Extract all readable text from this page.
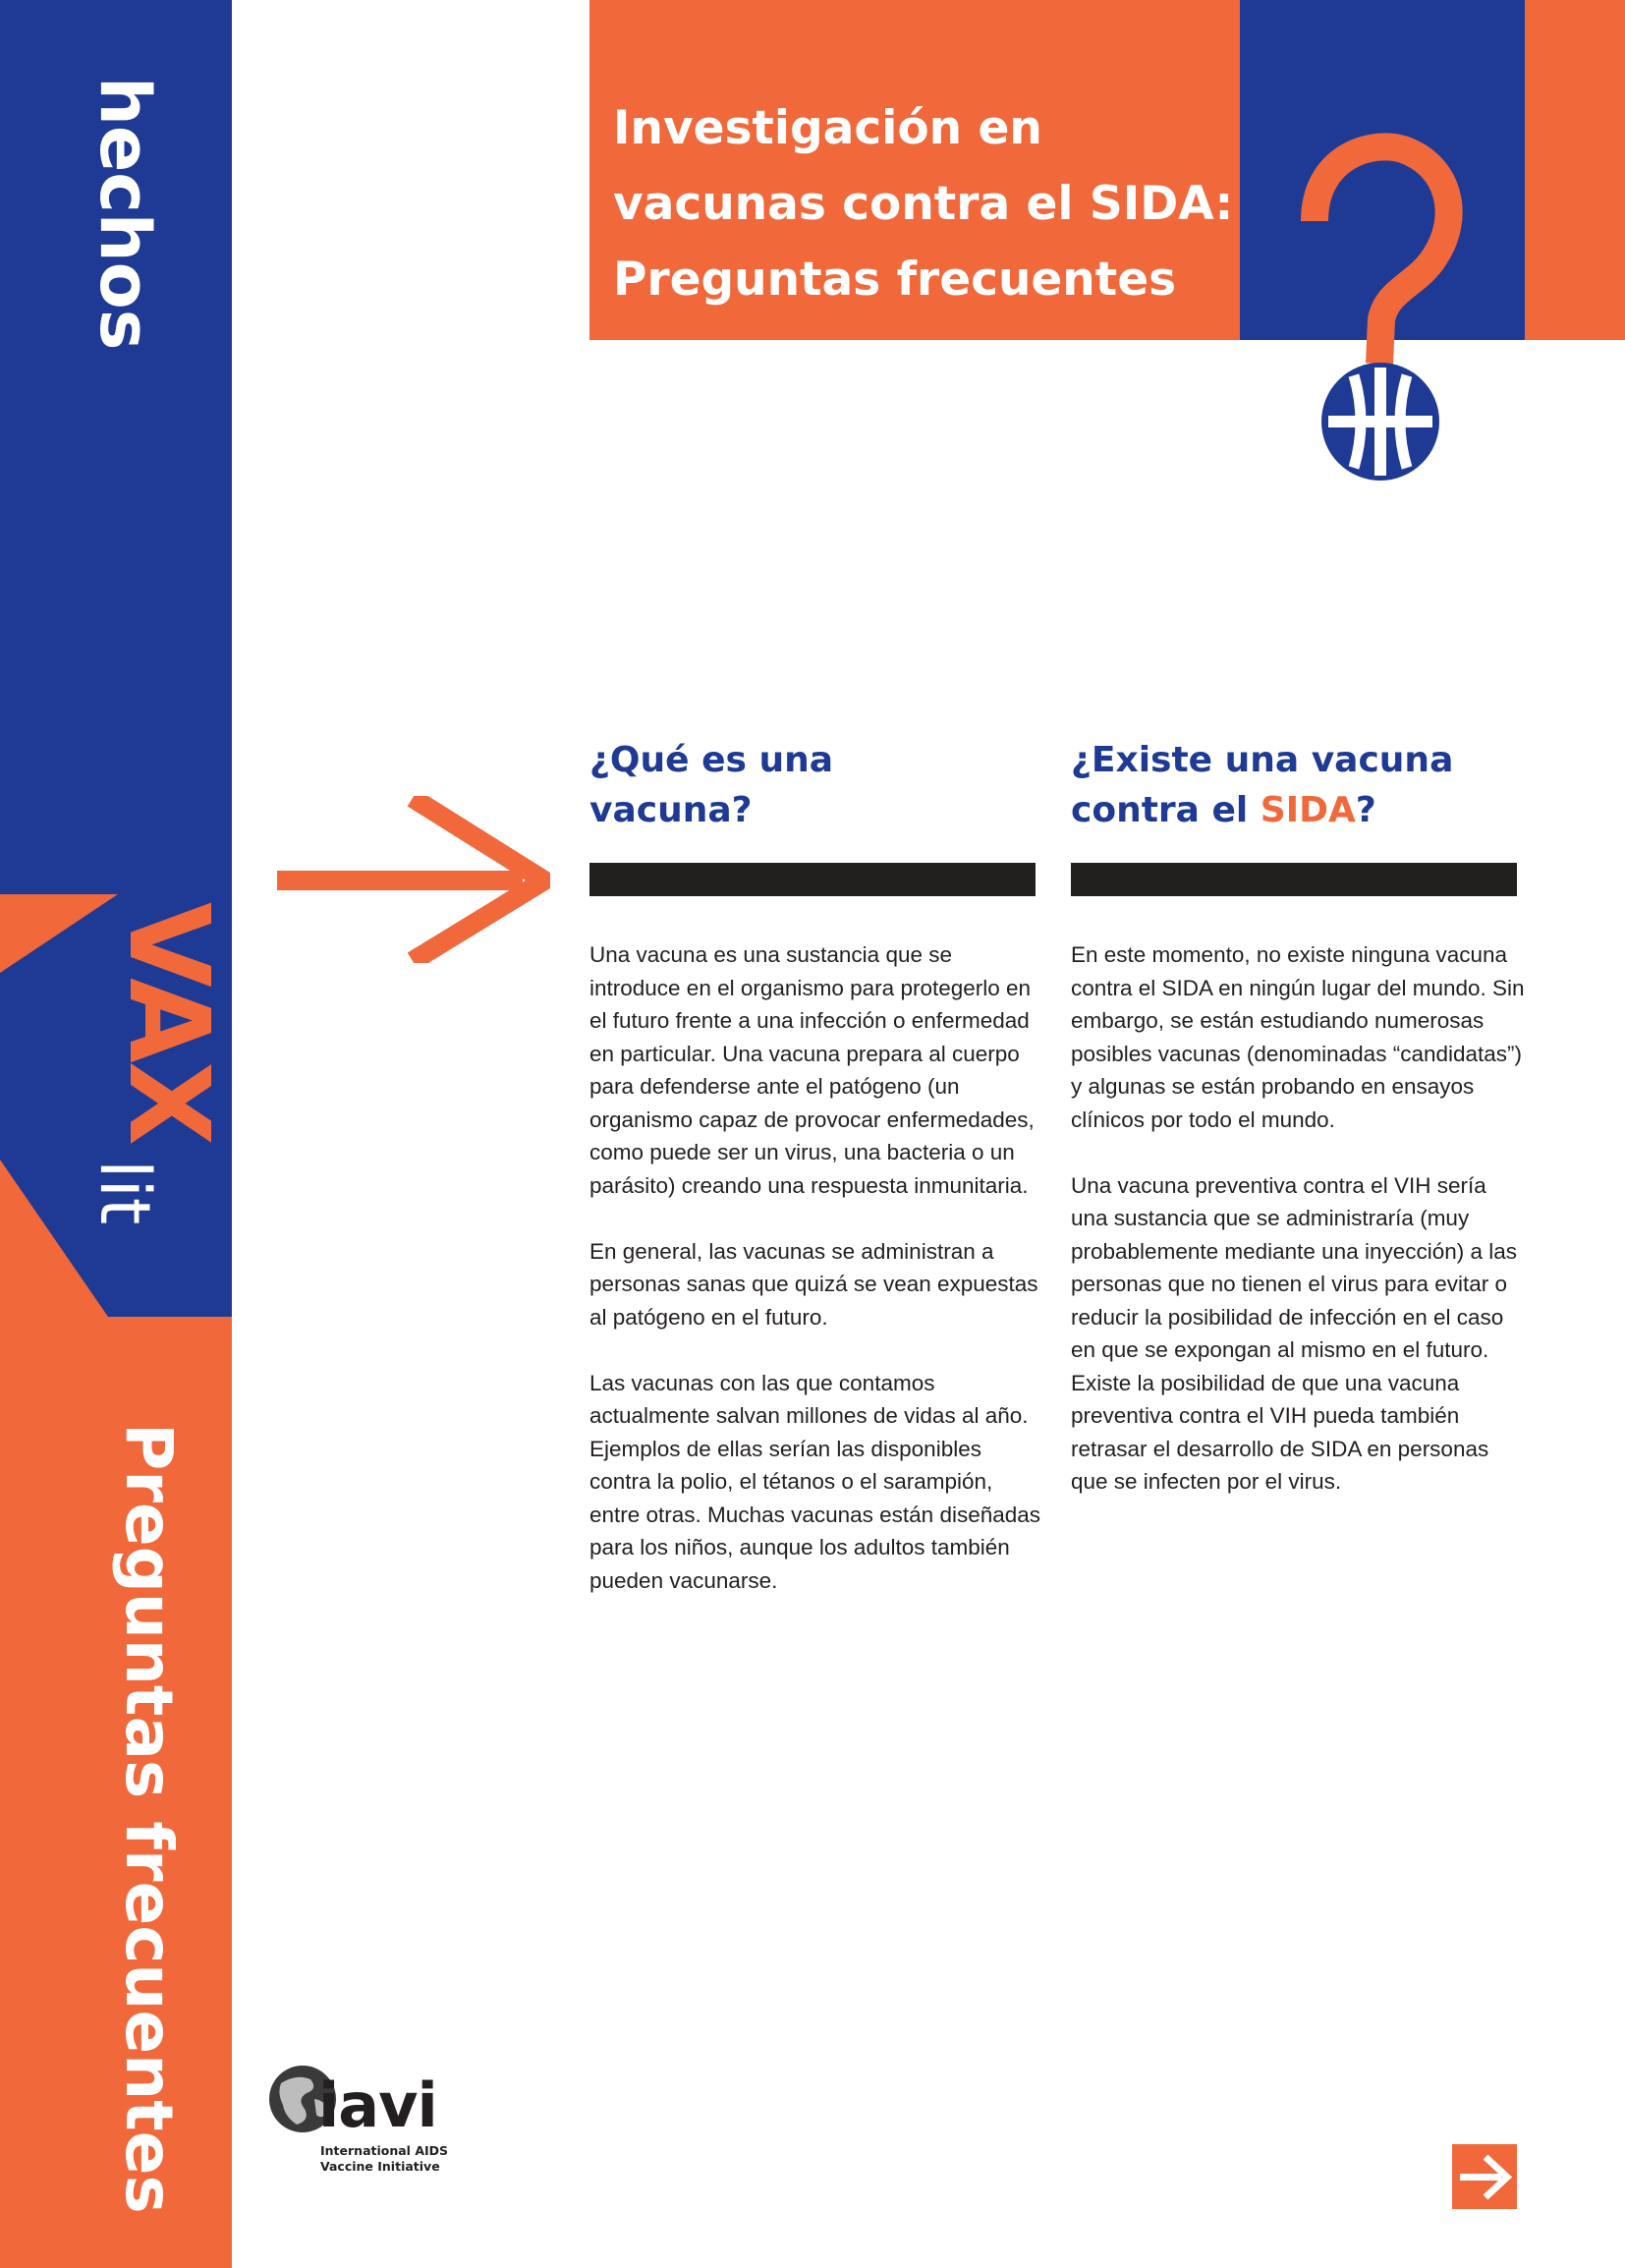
hechos
VAX
lit
Preguntas frecuentes
Investigación en
vacunas contra el SIDA:
Preguntas frecuentes
¿Qué es una
vacuna?

Una vacuna es una sustancia que se introduce en el organismo para protegerlo en el futuro frente a una infección o enfermedad en particular. Una vacuna prepara al cuerpo para defenderse ante el patógeno (un organismo capaz de provocar enfermedades, como puede ser un virus, una bacteria o un parásito) creando una respuesta inmunitaria.

En general, las vacunas se administran a personas sanas que quizá se vean expuestas al patógeno en el futuro.

Las vacunas con las que contamos actualmente salvan millones de vidas al año. Ejemplos de ellas serían las disponibles contra la polio, el tétanos o el sarampión, entre otras. Muchas vacunas están diseñadas para los niños, aunque los adultos también pueden vacunarse.

¿Existe una vacuna
contra el SIDA?

En este momento, no existe ninguna vacuna contra el SIDA en ningún lugar del mundo. Sin embargo, se están estudiando numerosas posibles vacunas (denominadas “candidatas”) y algunas se están probando en ensayos clínicos por todo el mundo.

Una vacuna preventiva contra el VIH sería una sustancia que se administraría (muy probablemente mediante una inyección) a las personas que no tienen el virus para evitar o reducir la posibilidad de infección en el caso en que se expongan al mismo en el futuro. Existe la posibilidad de que una vacuna preventiva contra el VIH pueda también retrasar el desarrollo de SIDA en personas que se infecten por el virus.

iavi
International AIDS
Vaccine Initiative
